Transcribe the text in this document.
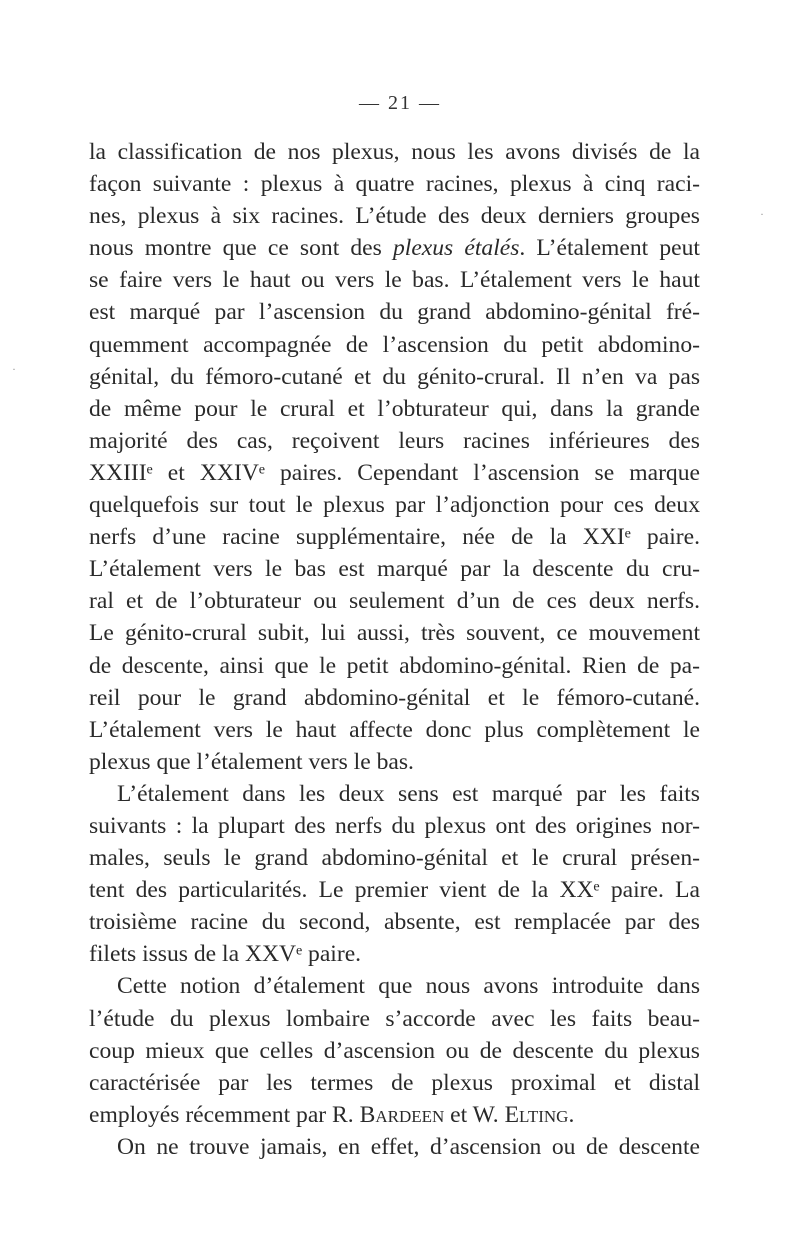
— 21 —
la classification de nos plexus, nous les avons divisés de la
façon suivante : plexus à quatre racines, plexus à cinq raci-
nes, plexus à six racines. L’étude des deux derniers groupes
nous montre que ce sont des plexus étalés. L’étalement peut
se faire vers le haut ou vers le bas. L’étalement vers le haut
est marqué par l’ascension du grand abdomino-génital fré-
quemment accompagnée de l’ascension du petit abdomino-
génital, du fémoro-cutané et du génito-crural. Il n’en va pas
de même pour le crural et l’obturateur qui, dans la grande
majorité des cas, reçoivent leurs racines inférieures des
XXIIIᵉ et XXIVᵉ paires. Cependant l’ascension se marque
quelquefois sur tout le plexus par l’adjonction pour ces deux
nerfs d’une racine supplémentaire, née de la XXIᵉ paire.
L’étalement vers le bas est marqué par la descente du cru-
ral et de l’obturateur ou seulement d’un de ces deux nerfs.
Le génito-crural subit, lui aussi, très souvent, ce mouvement
de descente, ainsi que le petit abdomino-génital. Rien de pa-
reil pour le grand abdomino-génital et le fémoro-cutané.
L’étalement vers le haut affecte donc plus complètement le
plexus que l’étalement vers le bas.
L’étalement dans les deux sens est marqué par les faits
suivants : la plupart des nerfs du plexus ont des origines nor-
males, seuls le grand abdomino-génital et le crural présen-
tent des particularités. Le premier vient de la XXᵉ paire. La
troisième racine du second, absente, est remplacée par des
filets issus de la XXVᵉ paire.
Cette notion d’étalement que nous avons introduite dans
l’étude du plexus lombaire s’accorde avec les faits beau-
coup mieux que celles d’ascension ou de descente du plexus
caractérisée par les termes de plexus proximal et distal
employés récemment par R. Bardeen et W. Elting.
On ne trouve jamais, en effet, d’ascension ou de descente
·
·
